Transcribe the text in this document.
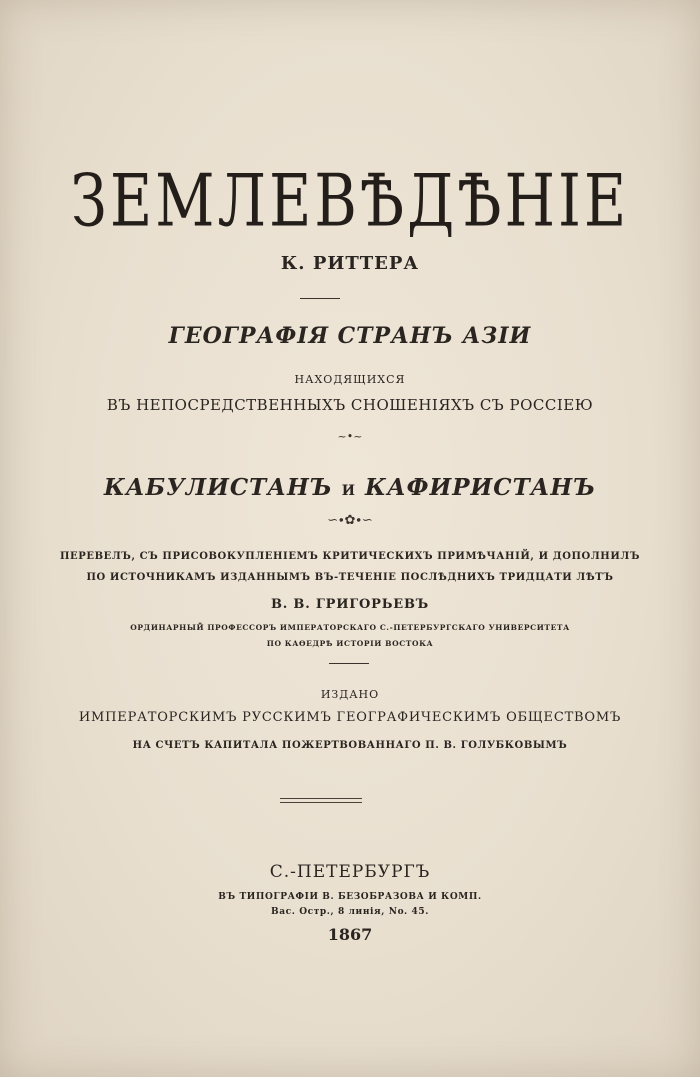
ЗЕМЛЕВѢДѢНІЕ
К. РИТТЕРА
ГЕОГРАФІЯ СТРАНЪ АЗІИ
НАХОДЯЩИХСЯ
ВЪ НЕПОСРЕДСТВЕННЫХЪ СНОШЕНІЯХЪ СЪ РОССІЕЮ
~•~
КАБУЛИСТАНЪ И КАФИРИСТАНЪ
∽∙✿∙∽
ПЕРЕВЕЛЪ, СЪ ПРИСОВОКУПЛЕНІЕМЪ КРИТИЧЕСКИХЪ ПРИМѢЧАНІЙ, И ДОПОЛНИЛЪ
ПО ИСТОЧНИКАМЪ ИЗДАННЫМЪ ВЪ-ТЕЧЕНІЕ ПОСЛѢДНИХЪ ТРИДЦАТИ ЛѢТЪ
В. В. ГРИГОРЬЕВЪ
ОРДИНАРНЫЙ ПРОФЕССОРЪ ИМПЕРАТОРСКАГО С.-ПЕТЕРБУРГСКАГО УНИВЕРСИТЕТА
ПО КАѲЕДРѢ ИСТОРІИ ВОСТОКА
ИЗДАНО
ИМПЕРАТОРСКИМЪ РУССКИМЪ ГЕОГРАФИЧЕСКИМЪ ОБЩЕСТВОМЪ
НА СЧЕТЪ КАПИТАЛА ПОЖЕРТВОВАННАГО П. В. ГОЛУБКОВЫМЪ
С.-ПЕТЕРБУРГЪ
ВЪ ТИПОГРАФІИ В. БЕЗОБРАЗОВА И КОМП.
Вас. Остр., 8 линія, No. 45.
1867
